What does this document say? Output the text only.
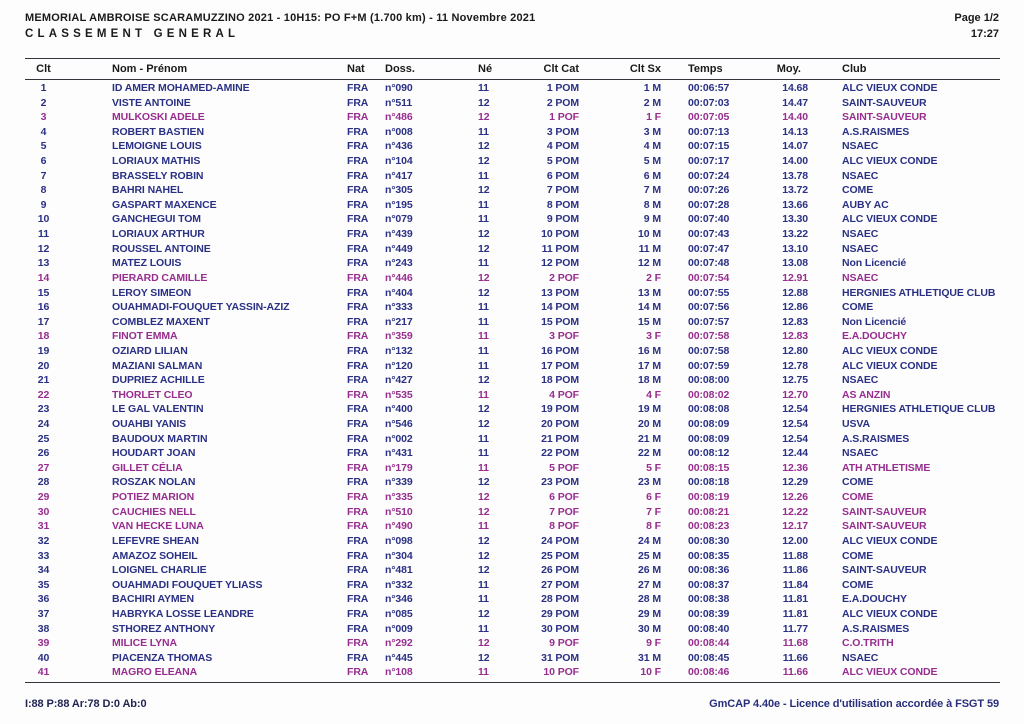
MEMORIAL AMBROISE SCARAMUZZINO 2021 - 10H15: PO F+M (1.700 km) - 11 Novembre 2021
CLASSEMENT GENERAL
Page 1/2
17:27
Clt	Nom - Prénom	Nat	Doss.	Né	Clt Cat	Clt Sx	Temps	Moy.	Club
1	ID AMER MOHAMED-AMINE	FRA	n°090	11	1 POM	1 M	00:06:57	14.68	ALC VIEUX CONDE
2	VISTE ANTOINE	FRA	n°511	12	2 POM	2 M	00:07:03	14.47	SAINT-SAUVEUR
3	MULKOSKI ADELE	FRA	n°486	12	1 POF	1 F	00:07:05	14.40	SAINT-SAUVEUR
4	ROBERT BASTIEN	FRA	n°008	11	3 POM	3 M	00:07:13	14.13	A.S.RAISMES
5	LEMOIGNE LOUIS	FRA	n°436	12	4 POM	4 M	00:07:15	14.07	NSAEC
6	LORIAUX MATHIS	FRA	n°104	12	5 POM	5 M	00:07:17	14.00	ALC VIEUX CONDE
7	BRASSELY ROBIN	FRA	n°417	11	6 POM	6 M	00:07:24	13.78	NSAEC
8	BAHRI NAHEL	FRA	n°305	12	7 POM	7 M	00:07:26	13.72	COME
9	GASPART MAXENCE	FRA	n°195	11	8 POM	8 M	00:07:28	13.66	AUBY AC
10	GANCHEGUI TOM	FRA	n°079	11	9 POM	9 M	00:07:40	13.30	ALC VIEUX CONDE
11	LORIAUX ARTHUR	FRA	n°439	12	10 POM	10 M	00:07:43	13.22	NSAEC
12	ROUSSEL ANTOINE	FRA	n°449	12	11 POM	11 M	00:07:47	13.10	NSAEC
13	MATEZ LOUIS	FRA	n°243	11	12 POM	12 M	00:07:48	13.08	Non Licencié
14	PIERARD CAMILLE	FRA	n°446	12	2 POF	2 F	00:07:54	12.91	NSAEC
15	LEROY SIMEON	FRA	n°404	12	13 POM	13 M	00:07:55	12.88	HERGNIES ATHLETIQUE CLUB
16	OUAHMADI-FOUQUET YASSIN-AZIZ	FRA	n°333	11	14 POM	14 M	00:07:56	12.86	COME
17	COMBLEZ MAXENT	FRA	n°217	11	15 POM	15 M	00:07:57	12.83	Non Licencié
18	FINOT EMMA	FRA	n°359	11	3 POF	3 F	00:07:58	12.83	E.A.DOUCHY
19	OZIARD LILIAN	FRA	n°132	11	16 POM	16 M	00:07:58	12.80	ALC VIEUX CONDE
20	MAZIANI SALMAN	FRA	n°120	11	17 POM	17 M	00:07:59	12.78	ALC VIEUX CONDE
21	DUPRIEZ ACHILLE	FRA	n°427	12	18 POM	18 M	00:08:00	12.75	NSAEC
22	THORLET CLEO	FRA	n°535	11	4 POF	4 F	00:08:02	12.70	AS ANZIN
23	LE GAL VALENTIN	FRA	n°400	12	19 POM	19 M	00:08:08	12.54	HERGNIES ATHLETIQUE CLUB
24	OUAHBI YANIS	FRA	n°546	12	20 POM	20 M	00:08:09	12.54	USVA
25	BAUDOUX MARTIN	FRA	n°002	11	21 POM	21 M	00:08:09	12.54	A.S.RAISMES
26	HOUDART JOAN	FRA	n°431	11	22 POM	22 M	00:08:12	12.44	NSAEC
27	GILLET CÉLIA	FRA	n°179	11	5 POF	5 F	00:08:15	12.36	ATH ATHLETISME
28	ROSZAK NOLAN	FRA	n°339	12	23 POM	23 M	00:08:18	12.29	COME
29	POTIEZ MARION	FRA	n°335	12	6 POF	6 F	00:08:19	12.26	COME
30	CAUCHIES NELL	FRA	n°510	12	7 POF	7 F	00:08:21	12.22	SAINT-SAUVEUR
31	VAN HECKE LUNA	FRA	n°490	11	8 POF	8 F	00:08:23	12.17	SAINT-SAUVEUR
32	LEFEVRE SHEAN	FRA	n°098	12	24 POM	24 M	00:08:30	12.00	ALC VIEUX CONDE
33	AMAZOZ SOHEIL	FRA	n°304	12	25 POM	25 M	00:08:35	11.88	COME
34	LOIGNEL CHARLIE	FRA	n°481	12	26 POM	26 M	00:08:36	11.86	SAINT-SAUVEUR
35	OUAHMADI FOUQUET YLIASS	FRA	n°332	11	27 POM	27 M	00:08:37	11.84	COME
36	BACHIRI AYMEN	FRA	n°346	11	28 POM	28 M	00:08:38	11.81	E.A.DOUCHY
37	HABRYKA LOSSE LEANDRE	FRA	n°085	12	29 POM	29 M	00:08:39	11.81	ALC VIEUX CONDE
38	STHOREZ ANTHONY	FRA	n°009	11	30 POM	30 M	00:08:40	11.77	A.S.RAISMES
39	MILICE LYNA	FRA	n°292	12	9 POF	9 F	00:08:44	11.68	C.O.TRITH
40	PIACENZA THOMAS	FRA	n°445	12	31 POM	31 M	00:08:45	11.66	NSAEC
41	MAGRO ELEANA	FRA	n°108	11	10 POF	10 F	00:08:46	11.66	ALC VIEUX CONDE
I:88 P:88 Ar:78 D:0 Ab:0	GmCAP 4.40e - Licence d'utilisation accordée à FSGT 59
